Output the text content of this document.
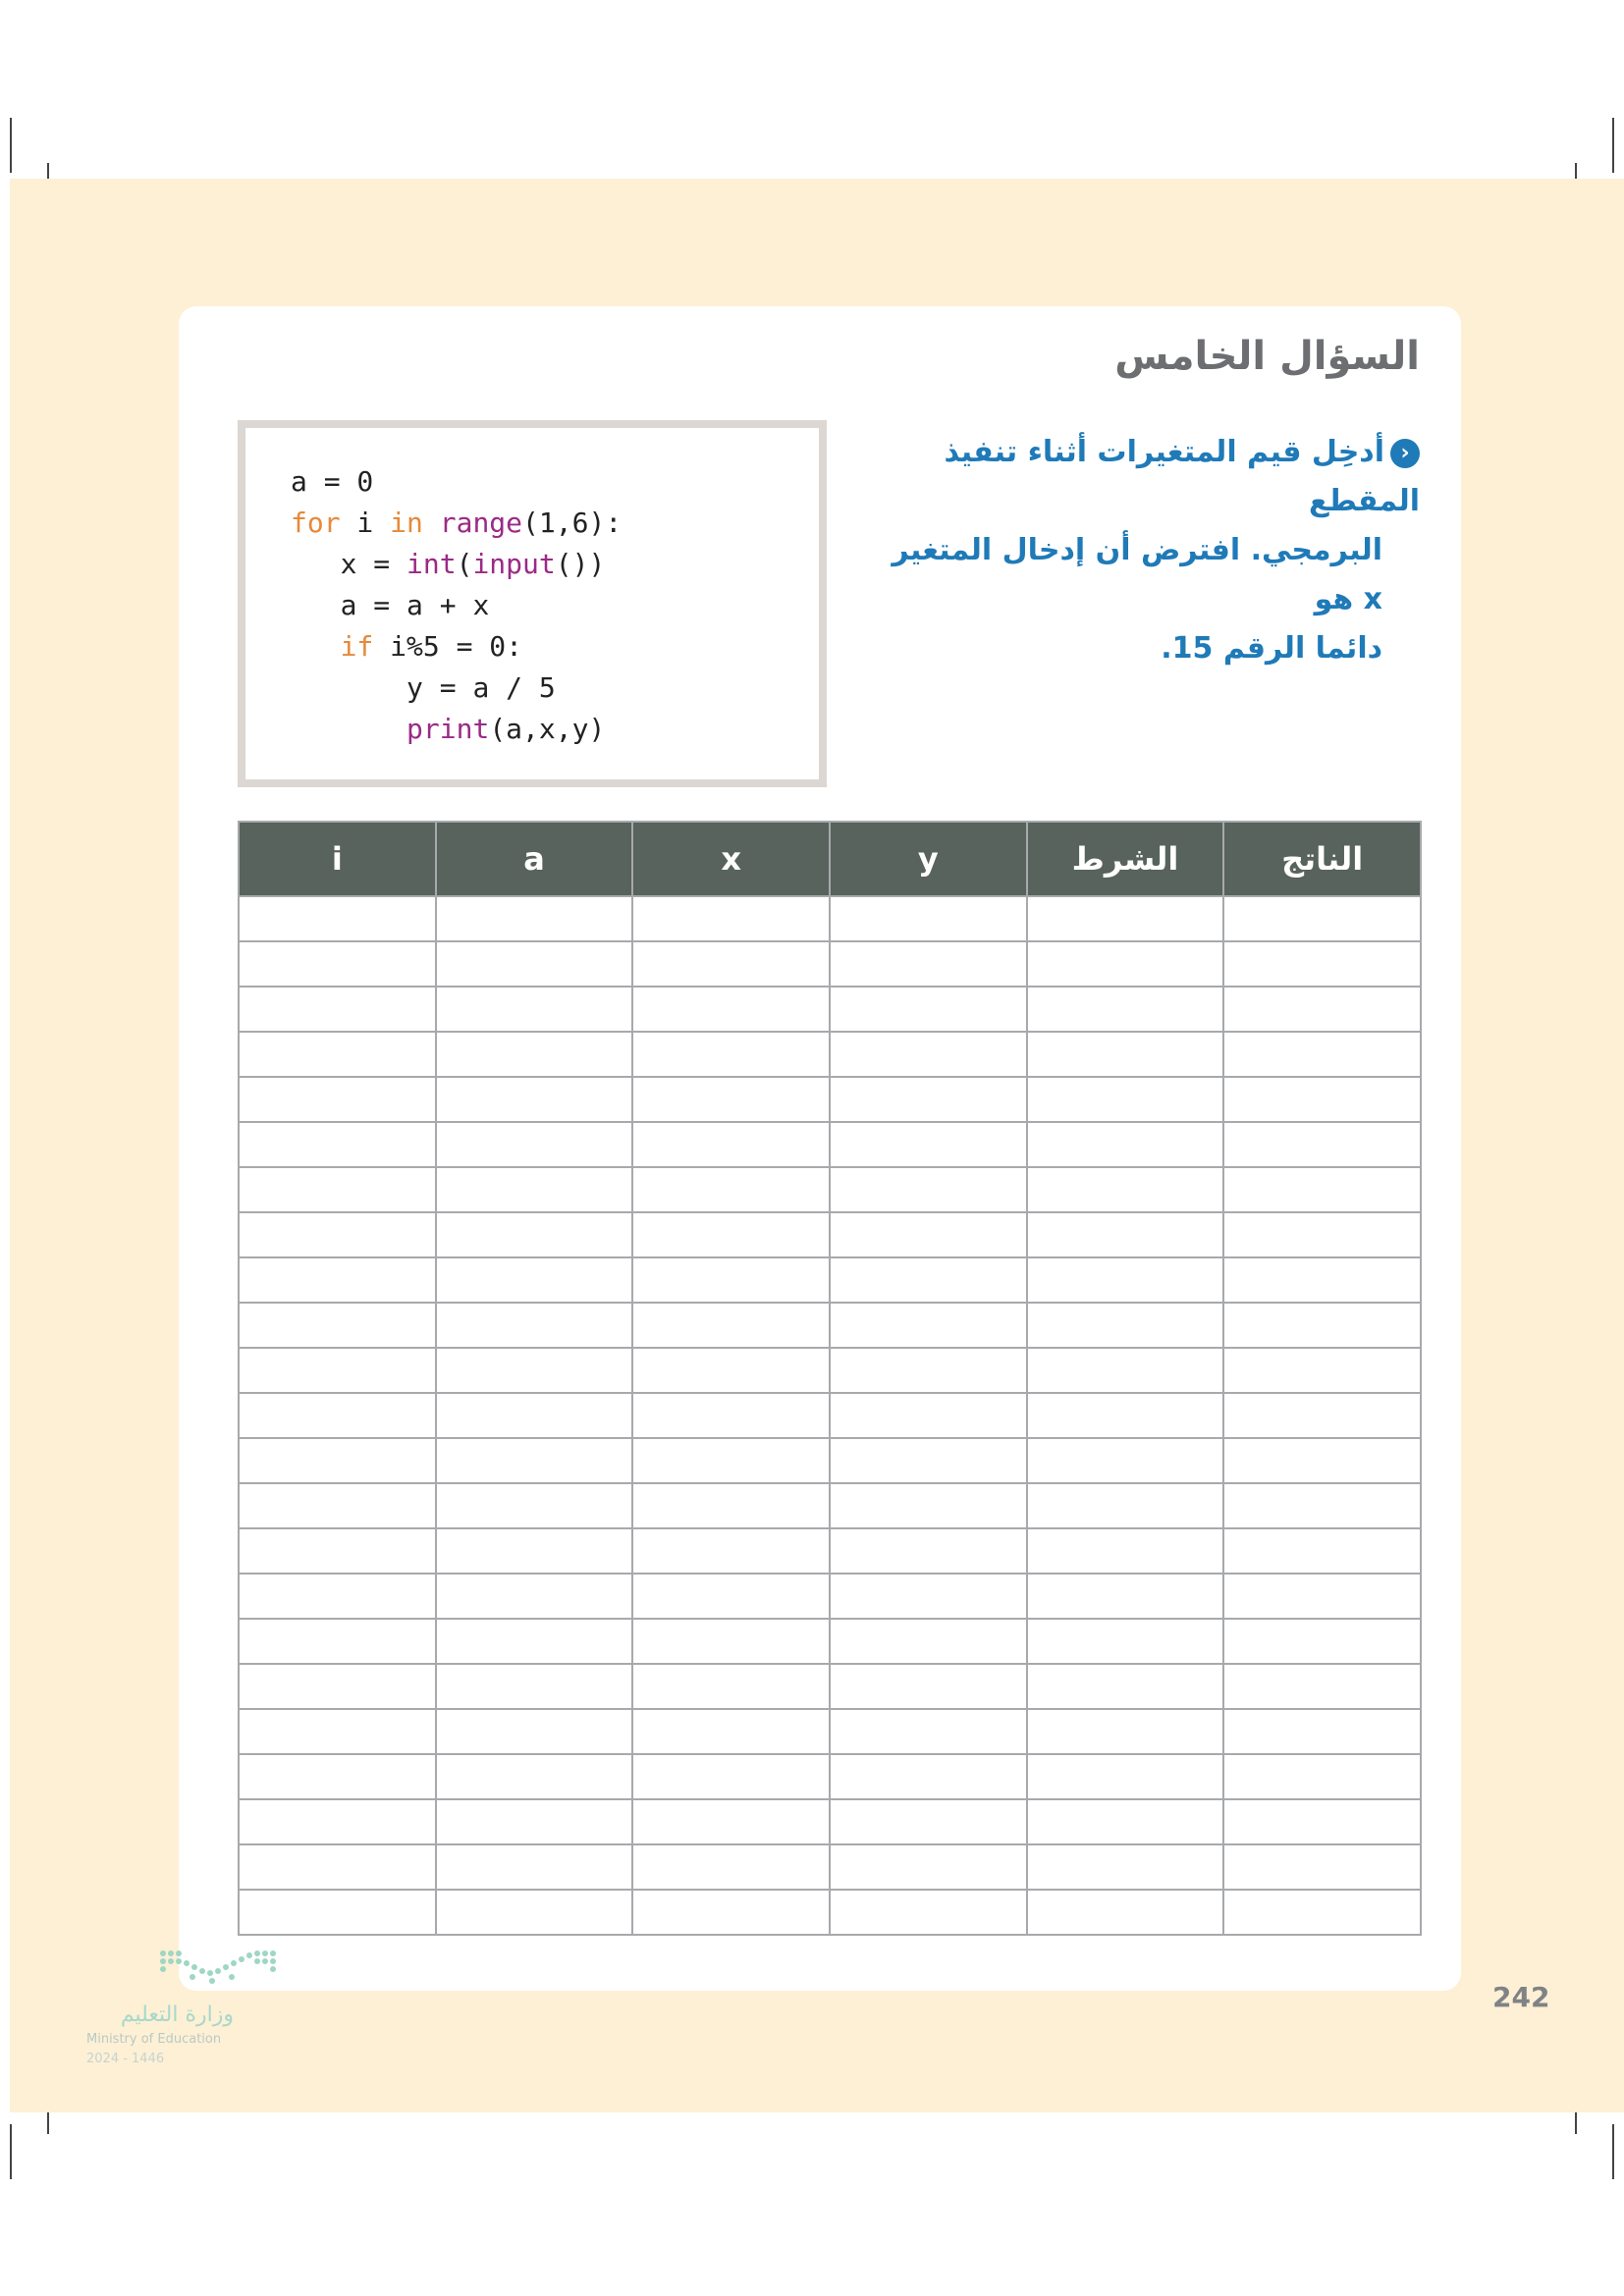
السؤال الخامس
‹أدخِل قيم المتغيرات أثناء تنفيذ المقطع
البرمجي. افترض أن إدخال المتغير x هو
دائما الرقم 15.
a = 0
for i in range(1,6):
x = int(input())
a = a + x
if i%5 = 0:
y = a / 5
print(a,x,y)
i	a	x	y	الشرط	الناتج

وزارة التعليم
Ministry of Education
2024 - 1446
242
